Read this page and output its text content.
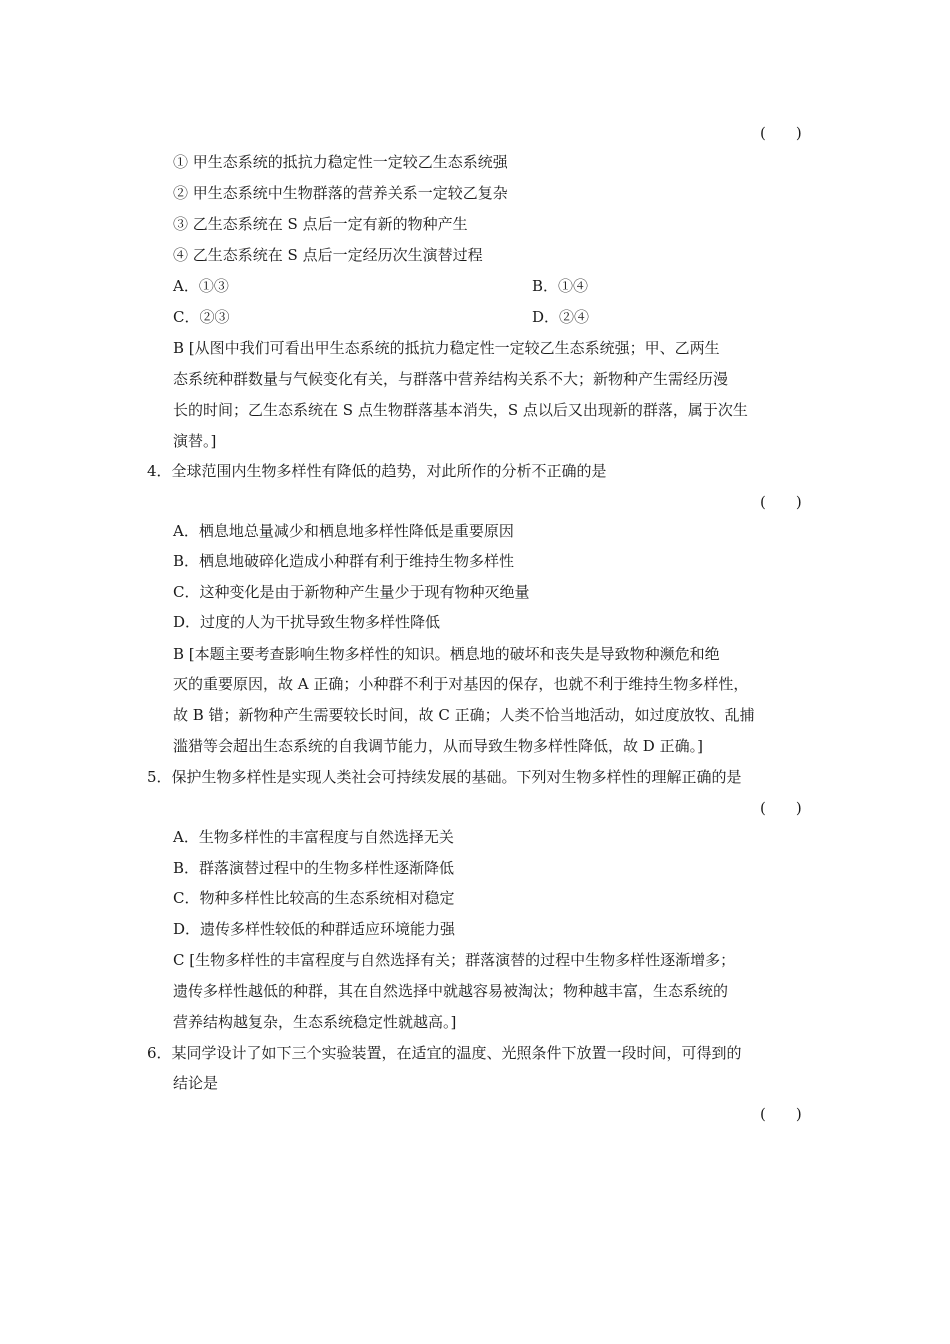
(　　)
① 甲生态系统的抵抗力稳定性一定较乙生态系统强
② 甲生态系统中生物群落的营养关系一定较乙复杂
③ 乙生态系统在 S 点后一定有新的物种产生
④ 乙生态系统在 S 点后一定经历次生演替过程
A．①③	B．①④
C．②③	D．②④
B [从图中我们可看出甲生态系统的抵抗力稳定性一定较乙生态系统强；甲、乙两生
态系统种群数量与气候变化有关，与群落中营养结构关系不大；新物种产生需经历漫
长的时间；乙生态系统在 S 点生物群落基本消失，S 点以后又出现新的群落，属于次生
演替。]
4．全球范围内生物多样性有降低的趋势，对此所作的分析不正确的是
(　　)
A．栖息地总量减少和栖息地多样性降低是重要原因
B．栖息地破碎化造成小种群有利于维持生物多样性
C．这种变化是由于新物种产生量少于现有物种灭绝量
D．过度的人为干扰导致生物多样性降低
B [本题主要考查影响生物多样性的知识。栖息地的破坏和丧失是导致物种濒危和绝
灭的重要原因，故 A 正确；小种群不利于对基因的保存，也就不利于维持生物多样性，
故 B 错；新物种产生需要较长时间，故 C 正确；人类不恰当地活动，如过度放牧、乱捕
滥猎等会超出生态系统的自我调节能力，从而导致生物多样性降低，故 D 正确。]
5．保护生物多样性是实现人类社会可持续发展的基础。下列对生物多样性的理解正确的是
(　　)
A．生物多样性的丰富程度与自然选择无关
B．群落演替过程中的生物多样性逐渐降低
C．物种多样性比较高的生态系统相对稳定
D．遗传多样性较低的种群适应环境能力强
C [生物多样性的丰富程度与自然选择有关；群落演替的过程中生物多样性逐渐增多；
遗传多样性越低的种群，其在自然选择中就越容易被淘汰；物种越丰富，生态系统的
营养结构越复杂，生态系统稳定性就越高。]
6．某同学设计了如下三个实验装置，在适宜的温度、光照条件下放置一段时间，可得到的
结论是
(　　)
